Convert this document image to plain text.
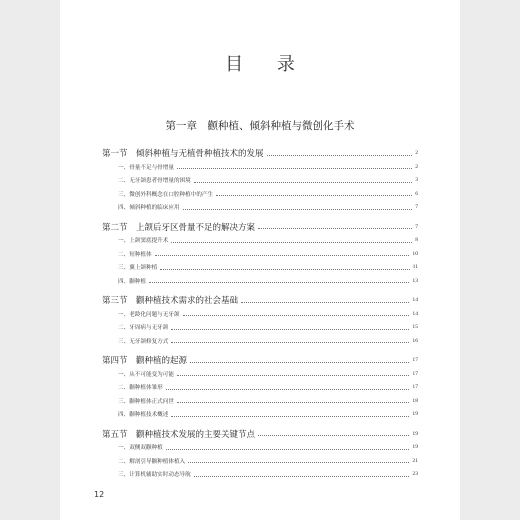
目 录
第一章　颧种植、倾斜种植与微创化手术
第一节　倾斜种植与无植骨种植技术的发展	2
一、骨量不足与骨增量	2
二、无牙颌患者骨增量的困境	3
三、微创外科概念在口腔种植中的产生	6
四、倾斜种植的临床应用	7
第二节　上颌后牙区骨量不足的解决方案	7
一、上颌窦底提升术	8
二、短种植体	10
三、翼上颌种植	11
四、颧种植	13
第三节　颧种植技术需求的社会基础	14
一、老龄化问题与无牙颌	14
二、牙周病与无牙颌	15
三、无牙颌修复方式	16
第四节　颧种植的起源	17
一、从不可能变为可能	17
二、颧种植体雏形	17
三、颧种植体正式问世	18
四、颧种植技术概述	19
第五节　颧种植技术发展的主要关键节点	19
一、双侧双颧种植	19
二、解剖引导颧种植体植入	21
三、计算机辅助实时动态导航	23
12
